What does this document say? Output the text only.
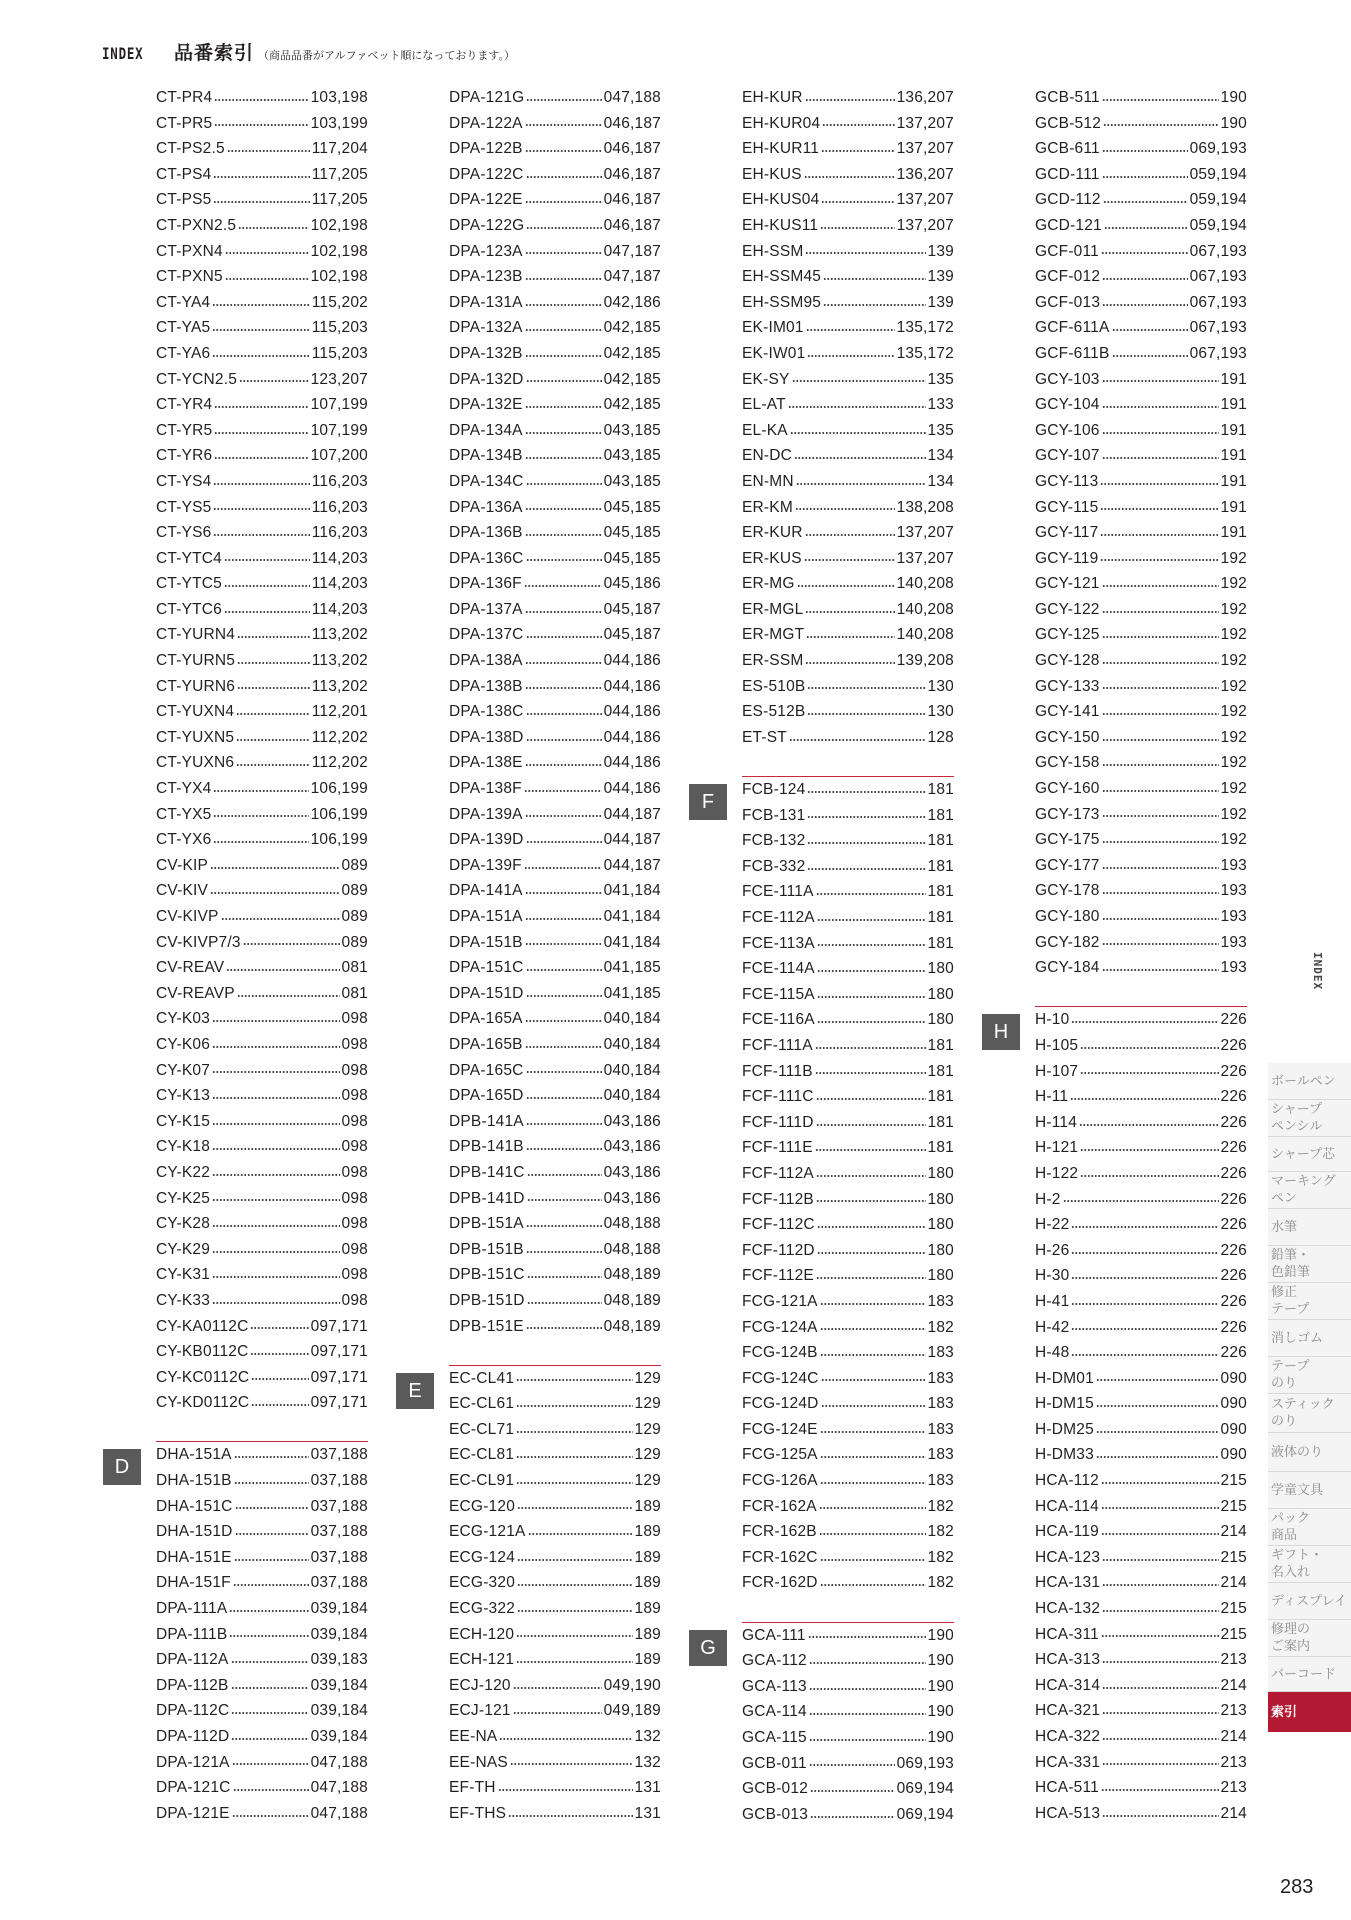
INDEX 品番索引 （商品品番がアルファベット順になっております。）
CT-PR4	103,198
CT-PR5	103,199
CT-PS2.5	117,204
CT-PS4	117,205
CT-PS5	117,205
CT-PXN2.5	102,198
CT-PXN4	102,198
CT-PXN5	102,198
CT-YA4	115,202
CT-YA5	115,203
CT-YA6	115,203
CT-YCN2.5	123,207
CT-YR4	107,199
CT-YR5	107,199
CT-YR6	107,200
CT-YS4	116,203
CT-YS5	116,203
CT-YS6	116,203
CT-YTC4	114,203
CT-YTC5	114,203
CT-YTC6	114,203
CT-YURN4	113,202
CT-YURN5	113,202
CT-YURN6	113,202
CT-YUXN4	112,201
CT-YUXN5	112,202
CT-YUXN6	112,202
CT-YX4	106,199
CT-YX5	106,199
CT-YX6	106,199
CV-KIP	089
CV-KIV	089
CV-KIVP	089
CV-KIVP7/3	089
CV-REAV	081
CV-REAVP	081
CY-K03	098
CY-K06	098
CY-K07	098
CY-K13	098
CY-K15	098
CY-K18	098
CY-K22	098
CY-K25	098
CY-K28	098
CY-K29	098
CY-K31	098
CY-K33	098
CY-KA0112C	097,171
CY-KB0112C	097,171
CY-KC0112C	097,171
CY-KD0112C	097,171
D
DHA-151A	037,188
DHA-151B	037,188
DHA-151C	037,188
DHA-151D	037,188
DHA-151E	037,188
DHA-151F	037,188
DPA-111A	039,184
DPA-111B	039,184
DPA-112A	039,183
DPA-112B	039,184
DPA-112C	039,184
DPA-112D	039,184
DPA-121A	047,188
DPA-121C	047,188
DPA-121E	047,188
DPA-121G	047,188
DPA-122A	046,187
DPA-122B	046,187
DPA-122C	046,187
DPA-122E	046,187
DPA-122G	046,187
DPA-123A	047,187
DPA-123B	047,187
DPA-131A	042,186
DPA-132A	042,185
DPA-132B	042,185
DPA-132D	042,185
DPA-132E	042,185
DPA-134A	043,185
DPA-134B	043,185
DPA-134C	043,185
DPA-136A	045,185
DPA-136B	045,185
DPA-136C	045,185
DPA-136F	045,186
DPA-137A	045,187
DPA-137C	045,187
DPA-138A	044,186
DPA-138B	044,186
DPA-138C	044,186
DPA-138D	044,186
DPA-138E	044,186
DPA-138F	044,186
DPA-139A	044,187
DPA-139D	044,187
DPA-139F	044,187
DPA-141A	041,184
DPA-151A	041,184
DPA-151B	041,184
DPA-151C	041,185
DPA-151D	041,185
DPA-165A	040,184
DPA-165B	040,184
DPA-165C	040,184
DPA-165D	040,184
DPB-141A	043,186
DPB-141B	043,186
DPB-141C	043,186
DPB-141D	043,186
DPB-151A	048,188
DPB-151B	048,188
DPB-151C	048,189
DPB-151D	048,189
DPB-151E	048,189
E
EC-CL41	129
EC-CL61	129
EC-CL71	129
EC-CL81	129
EC-CL91	129
ECG-120	189
ECG-121A	189
ECG-124	189
ECG-320	189
ECG-322	189
ECH-120	189
ECH-121	189
ECJ-120	049,190
ECJ-121	049,189
EE-NA	132
EE-NAS	132
EF-TH	131
EF-THS	131
EH-KUR	136,207
EH-KUR04	137,207
EH-KUR11	137,207
EH-KUS	136,207
EH-KUS04	137,207
EH-KUS11	137,207
EH-SSM	139
EH-SSM45	139
EH-SSM95	139
EK-IM01	135,172
EK-IW01	135,172
EK-SY	135
EL-AT	133
EL-KA	135
EN-DC	134
EN-MN	134
ER-KM	138,208
ER-KUR	137,207
ER-KUS	137,207
ER-MG	140,208
ER-MGL	140,208
ER-MGT	140,208
ER-SSM	139,208
ES-510B	130
ES-512B	130
ET-ST	128
F
FCB-124	181
FCB-131	181
FCB-132	181
FCB-332	181
FCE-111A	181
FCE-112A	181
FCE-113A	181
FCE-114A	180
FCE-115A	180
FCE-116A	180
FCF-111A	181
FCF-111B	181
FCF-111C	181
FCF-111D	181
FCF-111E	181
FCF-112A	180
FCF-112B	180
FCF-112C	180
FCF-112D	180
FCF-112E	180
FCG-121A	183
FCG-124A	182
FCG-124B	183
FCG-124C	183
FCG-124D	183
FCG-124E	183
FCG-125A	183
FCG-126A	183
FCR-162A	182
FCR-162B	182
FCR-162C	182
FCR-162D	182
G
GCA-111	190
GCA-112	190
GCA-113	190
GCA-114	190
GCA-115	190
GCB-011	069,193
GCB-012	069,194
GCB-013	069,194
GCB-511	190
GCB-512	190
GCB-611	069,193
GCD-111	059,194
GCD-112	059,194
GCD-121	059,194
GCF-011	067,193
GCF-012	067,193
GCF-013	067,193
GCF-611A	067,193
GCF-611B	067,193
GCY-103	191
GCY-104	191
GCY-106	191
GCY-107	191
GCY-113	191
GCY-115	191
GCY-117	191
GCY-119	192
GCY-121	192
GCY-122	192
GCY-125	192
GCY-128	192
GCY-133	192
GCY-141	192
GCY-150	192
GCY-158	192
GCY-160	192
GCY-173	192
GCY-175	192
GCY-177	193
GCY-178	193
GCY-180	193
GCY-182	193
GCY-184	193
H
H-10	226
H-105	226
H-107	226
H-11	226
H-114	226
H-121	226
H-122	226
H-2	226
H-22	226
H-26	226
H-30	226
H-41	226
H-42	226
H-48	226
H-DM01	090
H-DM15	090
H-DM25	090
H-DM33	090
HCA-112	215
HCA-114	215
HCA-119	214
HCA-123	215
HCA-131	214
HCA-132	215
HCA-311	215
HCA-313	213
HCA-314	214
HCA-321	213
HCA-322	214
HCA-331	213
HCA-511	213
HCA-513	214
INDEX
ボールペン
シャープ
ペンシル
シャープ芯
マーキング
ペン
水筆
鉛筆・
色鉛筆
修正
テープ
消しゴム
テープ
のり
スティック
のり
液体のり
学童文具
パック
商品
ギフト・
名入れ
ディスプレイ
修理の
ご案内
バーコード
索引
283
